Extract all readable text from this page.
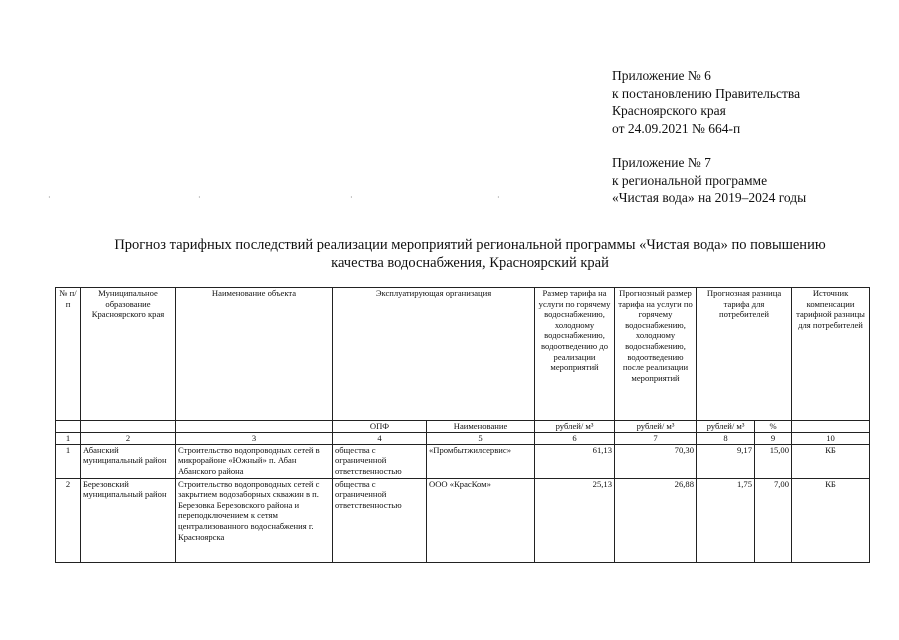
Приложение № 6
к постановлению Правительства
Красноярского края
от 24.09.2021 № 664-п
Приложение № 7
к региональной программе
«Чистая вода» на 2019–2024 годы
·	·	·	·
Прогноз тарифных последствий реализации мероприятий региональной программы «Чистая вода» по повышению
качества водоснабжения, Красноярский край
№ п/п	Муниципальное образование Красноярского края	Наименование объекта	Эксплуатирующая организация		Размер тарифа на услуги по горячему водоснабжению, холодному водоснабжению, водоотведению до реализации мероприятий	Прогнозный размер тарифа на услуги по горячему водоснабжению, холодному водоснабжению, водоотведению после реализации мероприятий	Прогнозная разница тарифа для потребителей		Источник компенсации тарифной разницы для потребителей
			ОПФ	Наименование	рублей/ м³	рублей/ м³	рублей/ м³	%	
1	2	3	4	5	6	7	8	9	10
1	Абанский муниципальный район	Строительство водопроводных сетей в микрорайоне «Южный» п. Абан Абанского района	общества с ограниченной ответственностью	«Промбытжилсервис»	61,13	70,30	9,17	15,00	КБ
2	Березовский муниципальный район	Строительство водопроводных сетей с закрытием водозаборных скважин в п. Березовка Березовского района и переподключением к сетям централизованного водоснабжения г. Красноярска	общества с ограниченной ответственностью	ООО «КрасКом»	25,13	26,88	1,75	7,00	КБ
